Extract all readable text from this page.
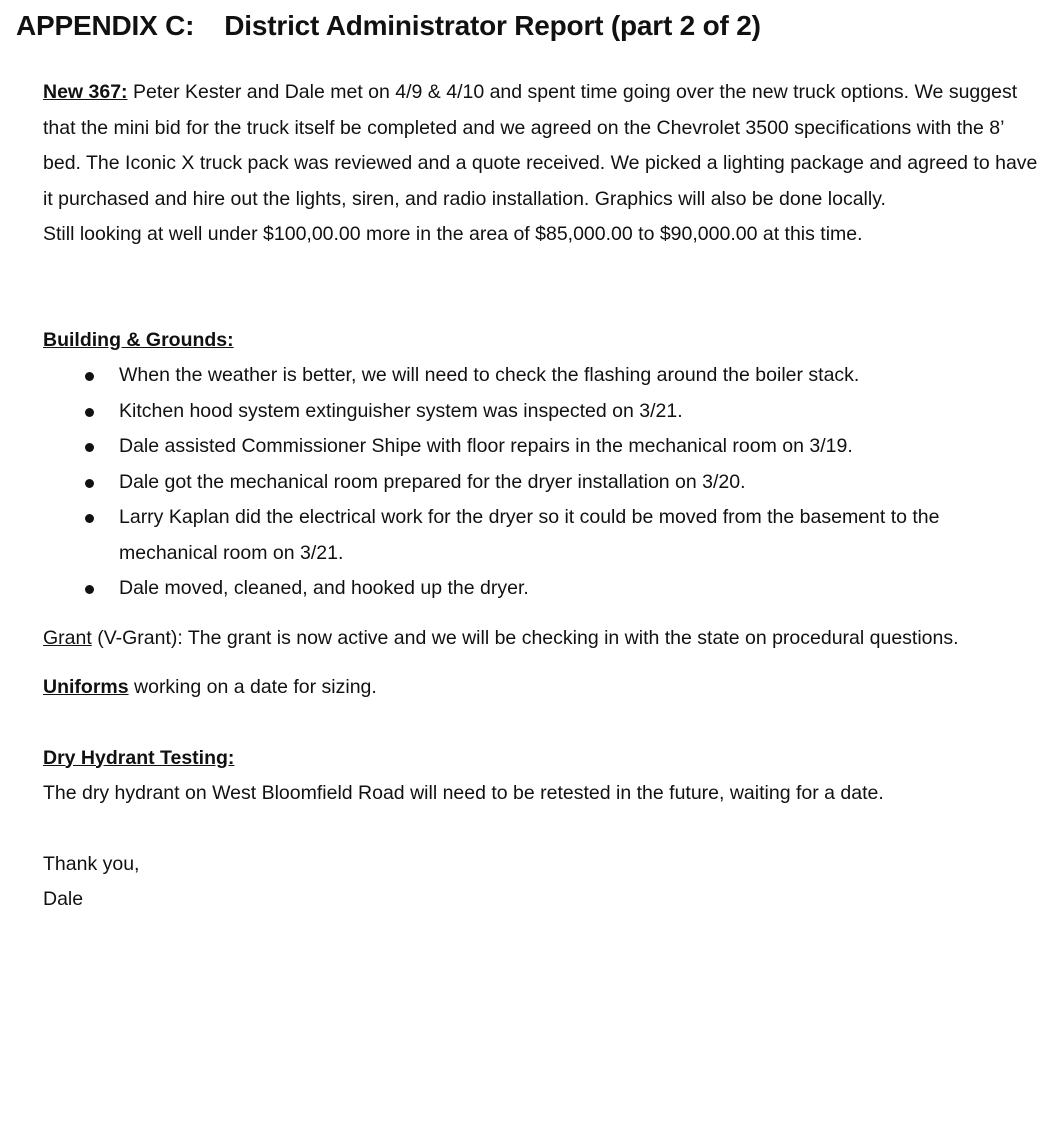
APPENDIX C: District Administrator Report (part 2 of 2)

New 367: Peter Kester and Dale met on 4/9 & 4/10 and spent time going over the new truck options. We suggest that the mini bid for the truck itself be completed and we agreed on the Chevrolet 3500 specifications with the 8’ bed. The Iconic X truck pack was reviewed and a quote received. We picked a lighting package and agreed to have it purchased and hire out the lights, siren, and radio installation. Graphics will also be done locally.

Still looking at well under $100,00.00 more in the area of $85,000.00 to $90,000.00 at this time.

Building & Grounds:

When the weather is better, we will need to check the flashing around the boiler stack.
Kitchen hood system extinguisher system was inspected on 3/21.
Dale assisted Commissioner Shipe with floor repairs in the mechanical room on 3/19.
Dale got the mechanical room prepared for the dryer installation on 3/20.
Larry Kaplan did the electrical work for the dryer so it could be moved from the basement to the mechanical room on 3/21.
Dale moved, cleaned, and hooked up the dryer.

Grant (V-Grant): The grant is now active and we will be checking in with the state on procedural questions.

Uniforms working on a date for sizing.

Dry Hydrant Testing:

The dry hydrant on West Bloomfield Road will need to be retested in the future, waiting for a date.

Thank you,

Dale
